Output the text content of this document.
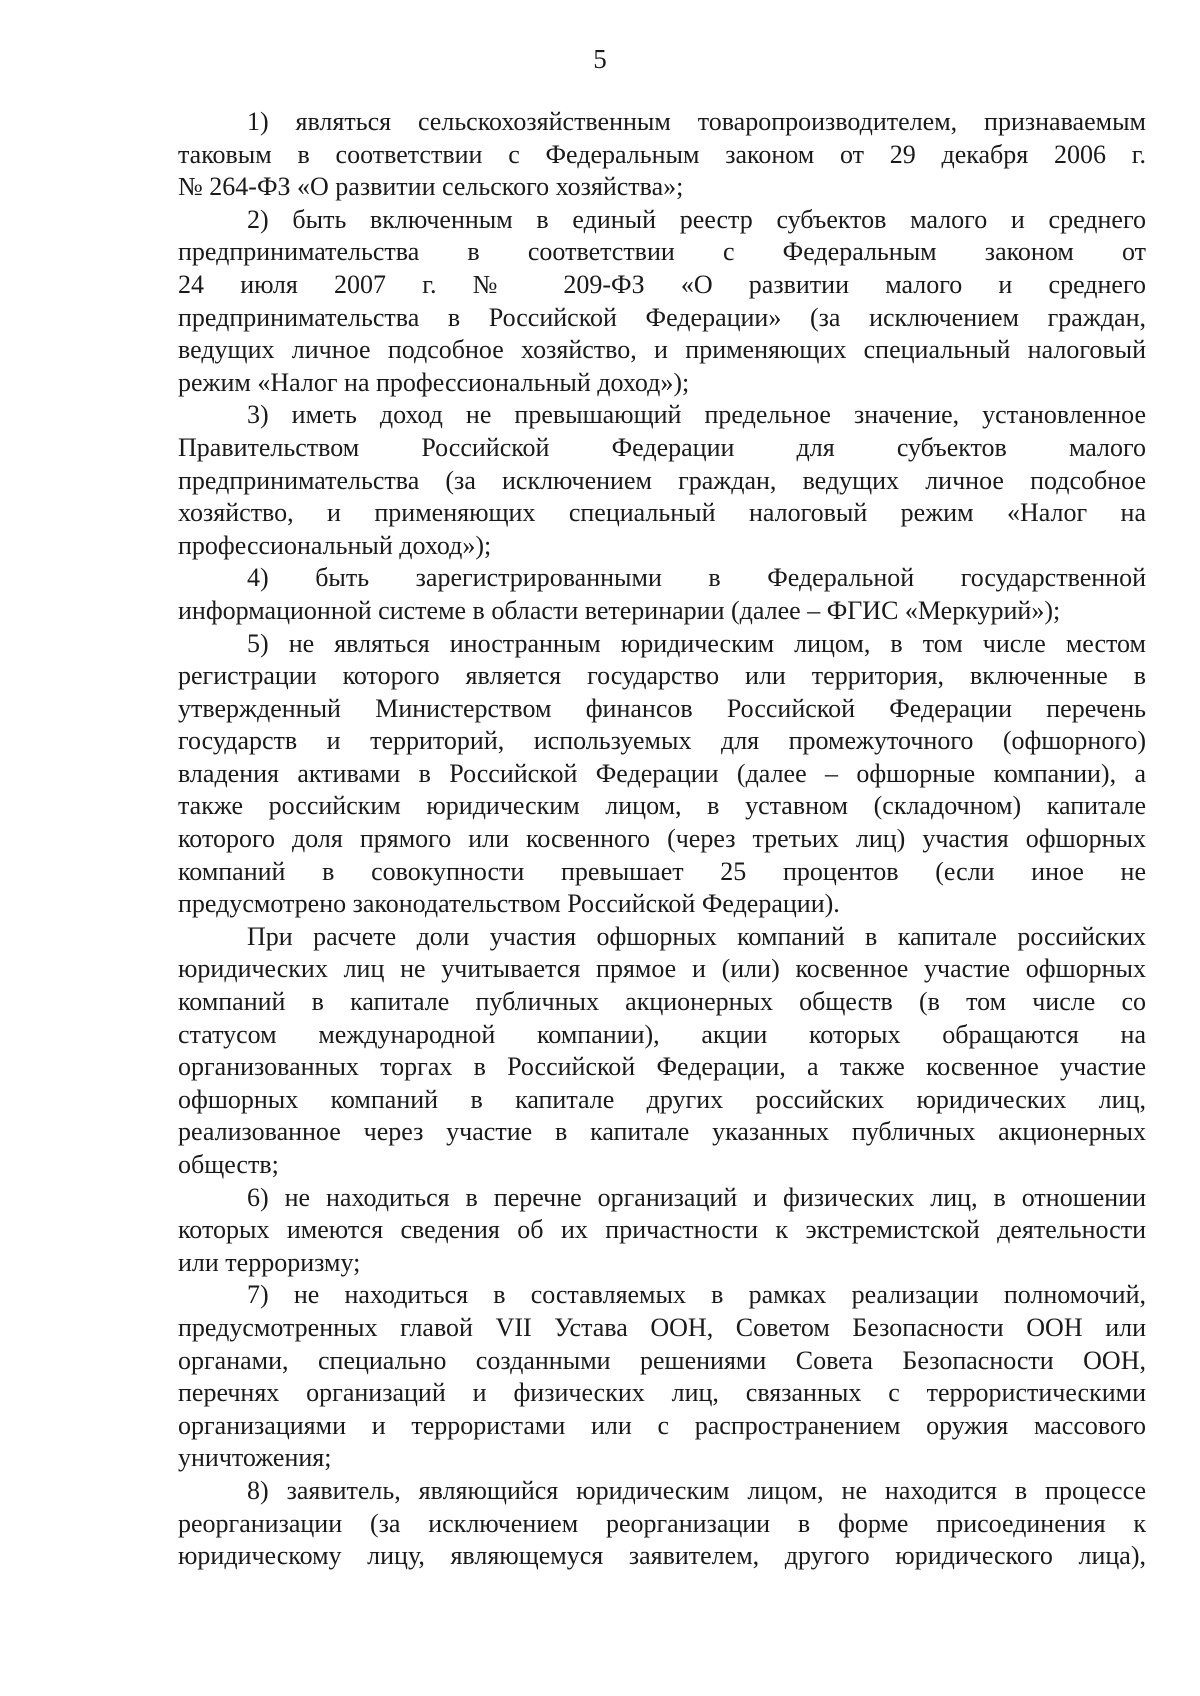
5
1) являться сельскохозяйственным товаропроизводителем, признаваемым
таковым в соответствии с Федеральным законом от 29 декабря 2006 г.
№ 264-ФЗ «О развитии сельского хозяйства»;
2) быть включенным в единый реестр субъектов малого и среднего
предпринимательства в соответствии с Федеральным законом от
24 июля 2007 г. № 209-ФЗ «О развитии малого и среднего
предпринимательства в Российской Федерации» (за исключением граждан,
ведущих личное подсобное хозяйство, и применяющих специальный налоговый
режим «Налог на профессиональный доход»);
3) иметь доход не превышающий предельное значение, установленное
Правительством Российской Федерации для субъектов малого
предпринимательства (за исключением граждан, ведущих личное подсобное
хозяйство, и применяющих специальный налоговый режим «Налог на
профессиональный доход»);
4) быть зарегистрированными в Федеральной государственной
информационной системе в области ветеринарии (далее – ФГИС «Меркурий»);
5) не являться иностранным юридическим лицом, в том числе местом
регистрации которого является государство или территория, включенные в
утвержденный Министерством финансов Российской Федерации перечень
государств и территорий, используемых для промежуточного (офшорного)
владения активами в Российской Федерации (далее – офшорные компании), а
также российским юридическим лицом, в уставном (складочном) капитале
которого доля прямого или косвенного (через третьих лиц) участия офшорных
компаний в совокупности превышает 25 процентов (если иное не
предусмотрено законодательством Российской Федерации).
При расчете доли участия офшорных компаний в капитале российских
юридических лиц не учитывается прямое и (или) косвенное участие офшорных
компаний в капитале публичных акционерных обществ (в том числе со
статусом международной компании), акции которых обращаются на
организованных торгах в Российской Федерации, а также косвенное участие
офшорных компаний в капитале других российских юридических лиц,
реализованное через участие в капитале указанных публичных акционерных
обществ;
6) не находиться в перечне организаций и физических лиц, в отношении
которых имеются сведения об их причастности к экстремистской деятельности
или терроризму;
7) не находиться в составляемых в рамках реализации полномочий,
предусмотренных главой VII Устава ООН, Советом Безопасности ООН или
органами, специально созданными решениями Совета Безопасности ООН,
перечнях организаций и физических лиц, связанных с террористическими
организациями и террористами или с распространением оружия массового
уничтожения;
8) заявитель, являющийся юридическим лицом, не находится в процессе
реорганизации (за исключением реорганизации в форме присоединения к
юридическому лицу, являющемуся заявителем, другого юридического лица),
